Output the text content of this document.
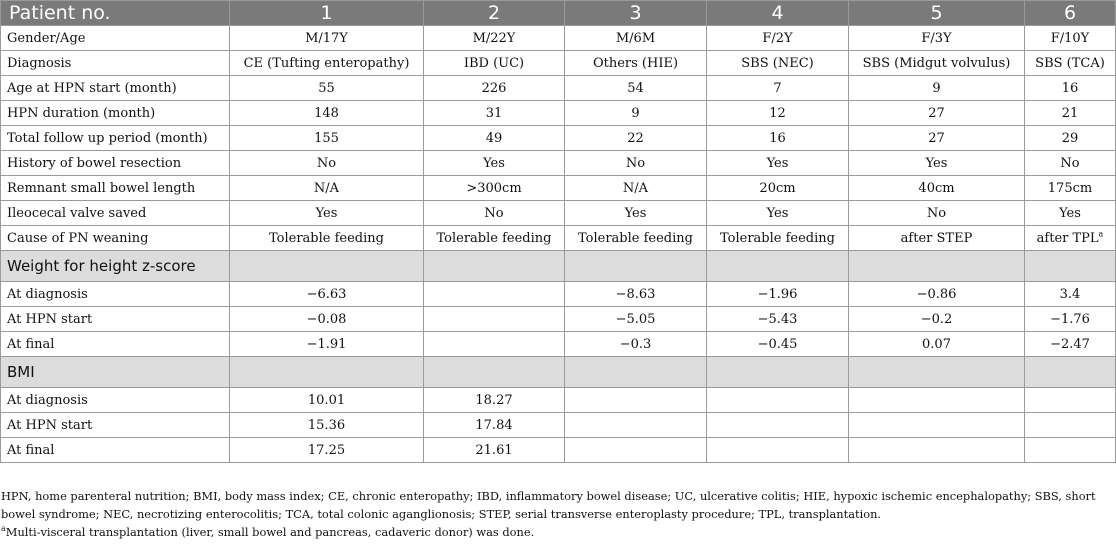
Patient no.	1	2	3	4	5	6
Gender/Age	M/17Y	M/22Y	M/6M	F/2Y	F/3Y	F/10Y
Diagnosis	CE (Tufting enteropathy)	IBD (UC)	Others (HIE)	SBS (NEC)	SBS (Midgut volvulus)	SBS (TCA)
Age at HPN start (month)	55	226	54	7	9	16
HPN duration (month)	148	31	9	12	27	21
Total follow up period (month)	155	49	22	16	27	29
History of bowel resection	No	Yes	No	Yes	Yes	No
Remnant small bowel length	N/A	>300cm	N/A	20cm	40cm	175cm
Ileocecal valve saved	Yes	No	Yes	Yes	No	Yes
Cause of PN weaning	Tolerable feeding	Tolerable feeding	Tolerable feeding	Tolerable feeding	after STEP	after TPL$^a$
Weight for height z-score						
At diagnosis	−6.63		−8.63	−1.96	−0.86	3.4
At HPN start	−0.08		−5.05	−5.43	−0.2	−1.76
At final	−1.91		−0.3	−0.45	0.07	−2.47
BMI						
At diagnosis	10.01	18.27				
At HPN start	15.36	17.84				
At final	17.25	21.61				

HPN, home parenteral nutrition; BMI, body mass index; CE, chronic enteropathy; IBD, inflammatory bowel disease; UC, ulcerative colitis; HIE, hypoxic ischemic encephalopathy; SBS, short bowel syndrome; NEC, necrotizing enterocolitis; TCA, total colonic aganglionosis; STEP, serial transverse enteroplasty procedure; TPL, transplantation.

$^a$Multi-visceral transplantation (liver, small bowel and pancreas, cadaveric donor) was done.
